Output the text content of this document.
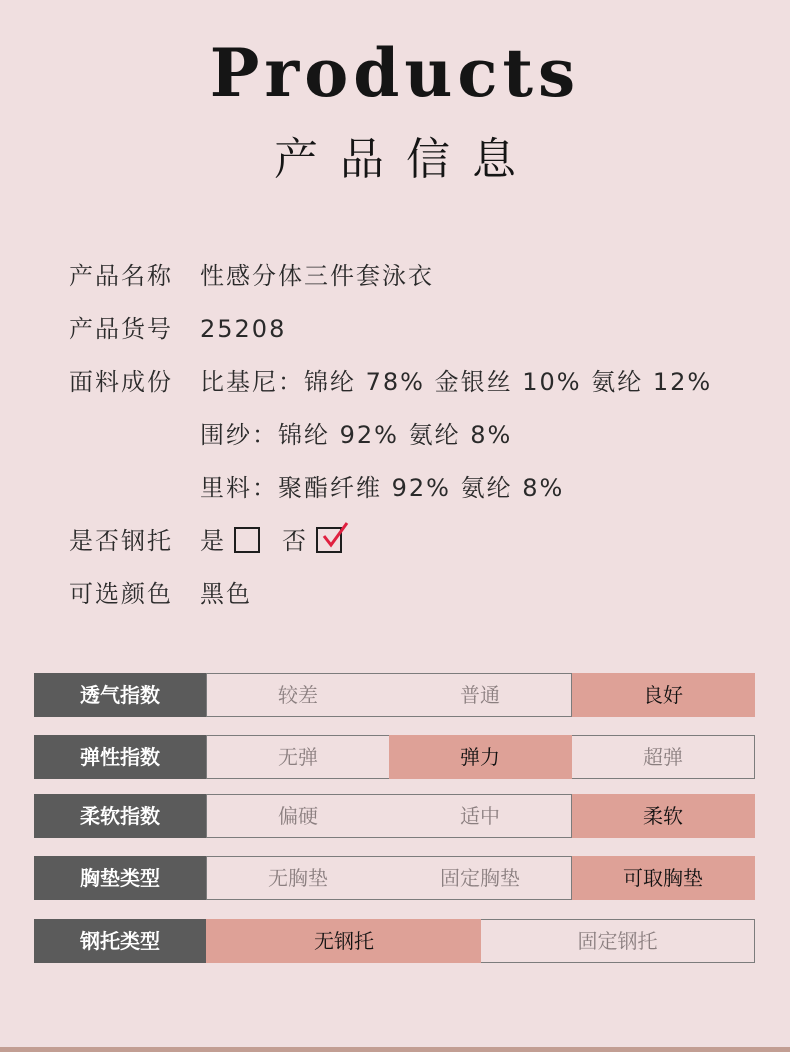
Products
产品信息
产品名称	性感分体三件套泳衣
产品货号	25208
面料成份	比基尼：锦纶 78% 金银丝 10% 氨纶 12%
围纱：锦纶 92% 氨纶 8%
里料：聚酯纤维 92% 氨纶 8%
是否钢托	是 否
可选颜色	黑色
透气指数	较差	普通	良好
弹性指数	无弹	弹力	超弹
柔软指数	偏硬	适中	柔软
胸垫类型	无胸垫	固定胸垫	可取胸垫
钢托类型	无钢托	固定钢托
